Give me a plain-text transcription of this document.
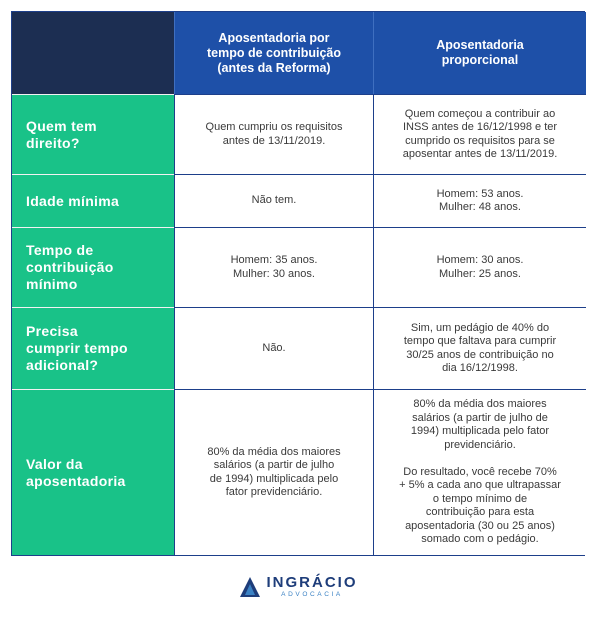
Aposentadoria por
tempo de contribuição
(antes da Reforma)
Aposentadoria
proporcional
Quem tem
direito?
Quem cumpriu os requisitos
antes de 13/11/2019.
Quem começou a contribuir ao
INSS antes de 16/12/1998 e ter
cumprido os requisitos para se
aposentar antes de 13/11/2019.
Idade mínima	Não tem.
Homem: 53 anos.
Mulher: 48 anos.
Tempo de
contribuição
mínimo
Homem: 35 anos.
Mulher: 30 anos.
Homem: 30 anos.
Mulher: 25 anos.
Precisa
cumprir tempo
adicional?
Não.
Sim, um pedágio de 40% do
tempo que faltava para cumprir
30/25 anos de contribuição no
dia 16/12/1998.
Valor da
aposentadoria
80% da média dos maiores
salários (a partir de julho
de 1994) multiplicada pelo
fator previdenciário.
80% da média dos maiores
salários (a partir de julho de
1994) multiplicada pelo fator
previdenciário.

Do resultado, você recebe 70%
+ 5% a cada ano que ultrapassar
o tempo mínimo de
contribuição para esta
aposentadoria (30 ou 25 anos)
somado com o pedágio.
INGRÁCIO
ADVOCACIA
